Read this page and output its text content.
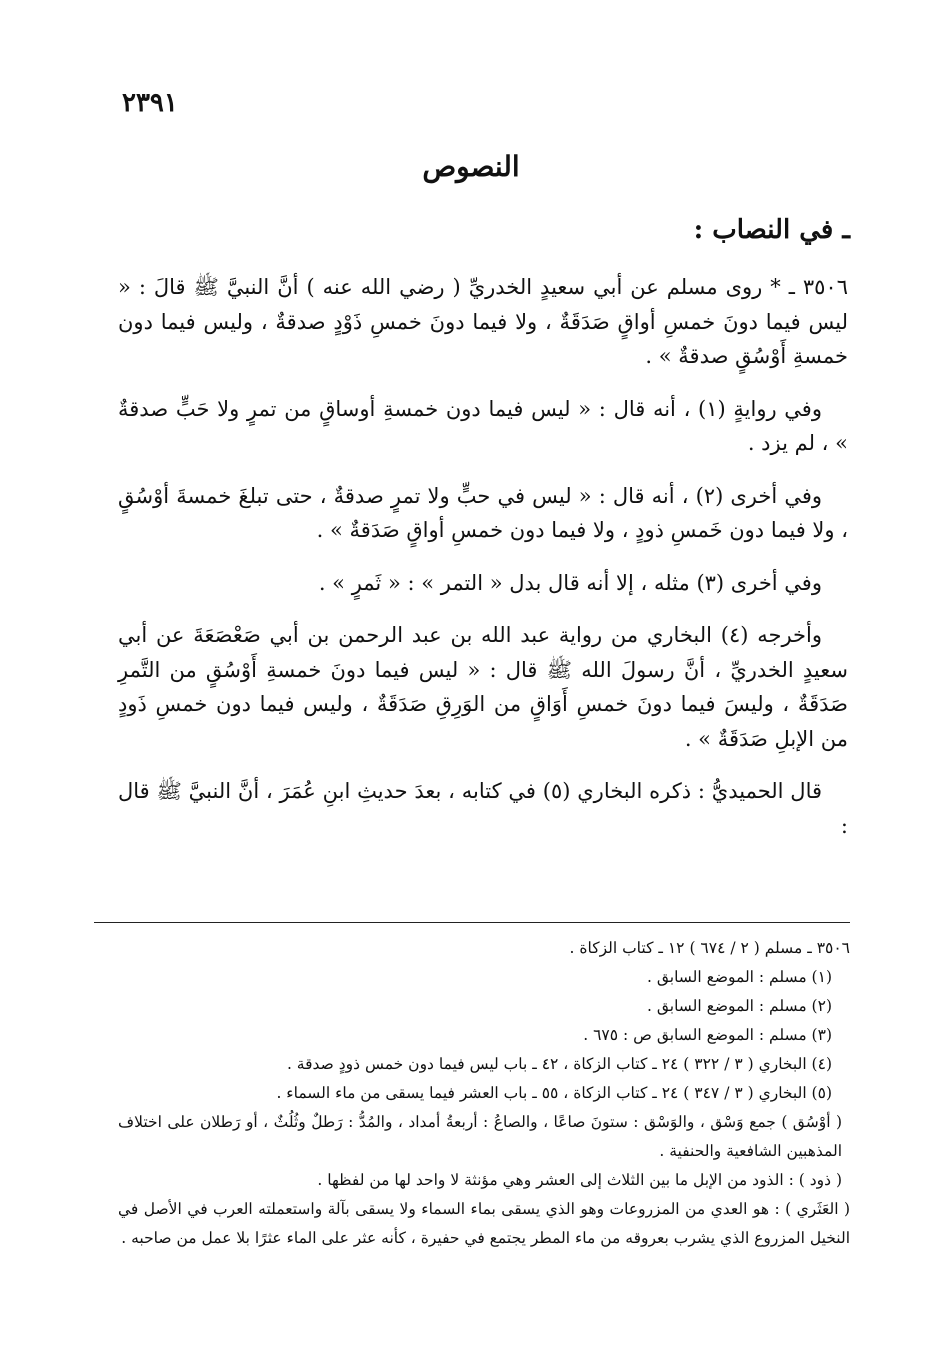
٢٣٩١
النصوص
ـ في النصاب :

٣٥٠٦ ـ * روى مسلم عن أبي سعيدٍ الخدريِّ ( رضي الله عنه ) أنَّ النبيَّ ﷺ قالَ : « ليس فيما دونَ خمسِ أواقٍ صَدَقَةٌ ، ولا فيما دونَ خمسِ ذَوْدٍ صدقةٌ ، وليس فيما دون خمسةِ أَوْسُقٍ صدقةٌ » .

وفي روايةٍ (١) ، أنه قال : « ليس فيما دون خمسةِ أوساقٍ من تمرٍ ولا حَبٍّ صدقةٌ » ، لم يزد .

وفي أخرى (٢) ، أنه قال : « ليس في حبٍّ ولا تمرٍ صدقةٌ ، حتى تبلغَ خمسةَ أوْسُقٍ ، ولا فيما دون خَمسِ ذودٍ ، ولا فيما دون خمسِ أواقٍ صَدَقةٌ » .

وفي أخرى (٣) مثله ، إلا أنه قال بدل « التمر » : « ثَمرٍ » .

وأخرجه (٤) البخاري من رواية عبد الله بن عبد الرحمن بن أبي صَعْصَعَةَ عن أبي سعيدٍ الخدريِّ ، أنَّ رسولَ الله ﷺ قال : « ليس فيما دونَ خمسةِ أَوْسُقٍ من التَّمرِ صَدَقَةٌ ، وليسَ فيما دونَ خمسِ أَوَاقٍ من الوَرِقِ صَدَقَةٌ ، وليس فيما دون خمسِ ذَودٍ من الإبلِ صَدَقَةٌ » .

قال الحميديُّ : ذكره البخاري (٥) في كتابه ، بعدَ حديثِ ابنِ عُمَرَ ، أنَّ النبيَّ ﷺ قال :

٣٥٠٦ ـ مسلم ( ٢ / ٦٧٤ ) ١٢ ـ كتاب الزكاة .
(١) مسلم : الموضع السابق .
(٢) مسلم : الموضع السابق .
(٣) مسلم : الموضع السابق ص : ٦٧٥ .
(٤) البخاري ( ٣ / ٣٢٢ ) ٢٤ ـ كتاب الزكاة ، ٤٢ ـ باب ليس فيما دون خمس ذودٍ صدقة .
(٥) البخاري ( ٣ / ٣٤٧ ) ٢٤ ـ كتاب الزكاة ، ٥٥ ـ باب العشر فيما يسقى من ماء السماء .
( أوْسُق ) جمع وَسْق ، والوَسْق : ستونَ صاعًا ، والصاعُ : أربعةُ أمداد ، والمُدُّ : رَطلٌ وثُلُثٌ ، أو رَطلان على اختلاف المذهبين الشافعية والحنفية .
( ذود ) : الذود من الإبل ما بين الثلاث إلى العشر وهي مؤنثة لا واحد لها من لفظها .
( العَثَري ) : هو العدي من المزروعات وهو الذي يسقى بماء السماء ولا يسقى بآلة واستعملته العرب في الأصل في النخيل المزروع الذي يشرب بعروقه من ماء المطر يجتمع في حفيرة ، كأنه عثر على الماء عثرًا بلا عمل من صاحبه .
